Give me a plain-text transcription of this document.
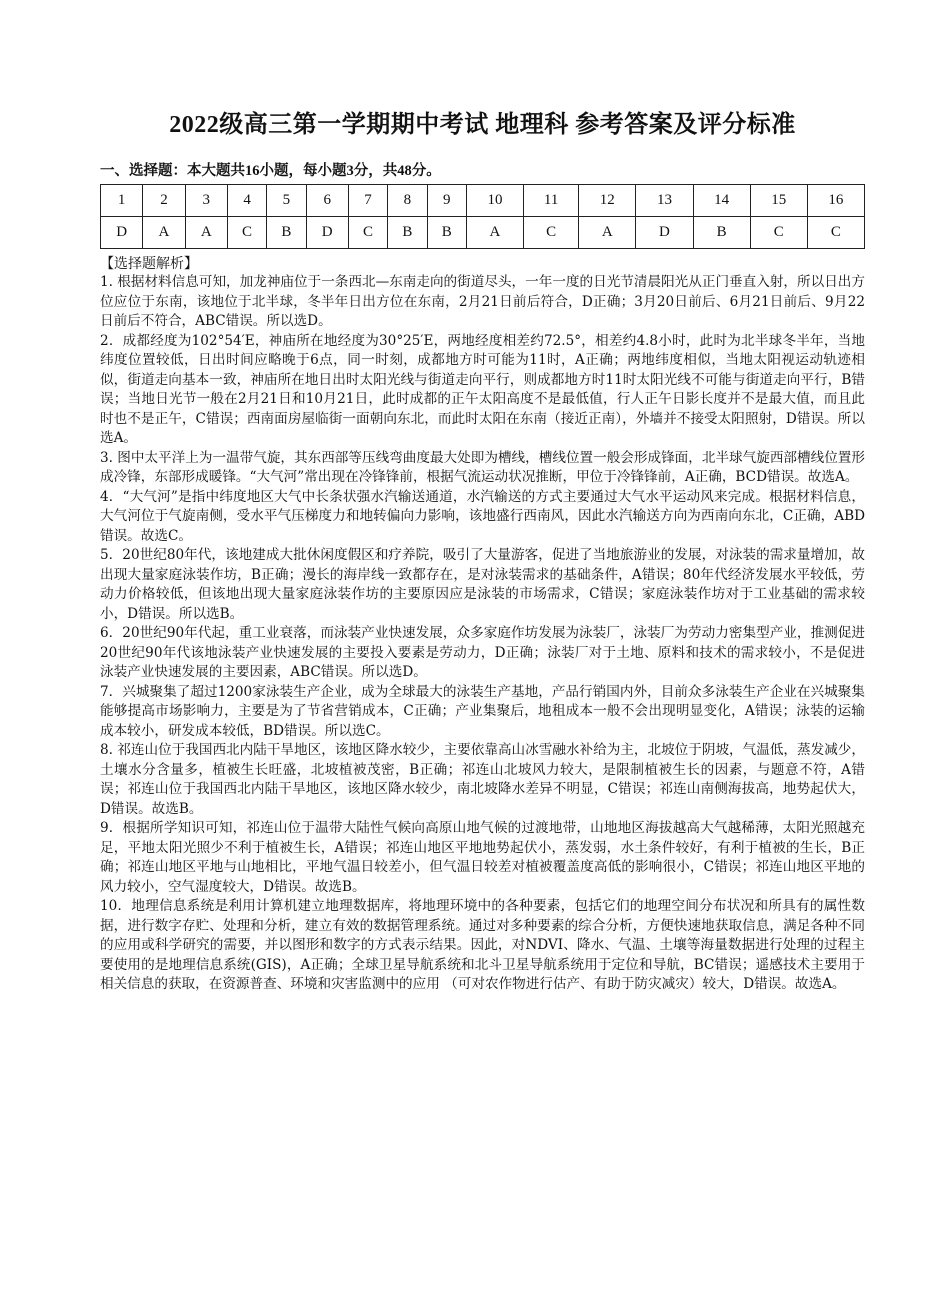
2022级高三第一学期期中考试 地理科 参考答案及评分标准
一、选择题：本大题共16小题，每小题3分，共48分。
1	2	3	4	5	6	7	8	9	10	11	12	13	14	15	16
D	A	A	C	B	D	C	B	B	A	C	A	D	B	C	C
【选择题解析】

1. 根据材料信息可知，加龙神庙位于一条西北—东南走向的街道尽头，一年一度的日光节清晨阳光从正门垂直入射，所以日出方位应位于东南，该地位于北半球，冬半年日出方位在东南，2月21日前后符合，D正确；3月20日前后、6月21日前后、9月22日前后不符合，ABC错误。所以选D。

2．成都经度为102°54′E，神庙所在地经度为30°25′E，两地经度相差约72.5°，相差约4.8小时，此时为北半球冬半年，当地纬度位置较低，日出时间应略晚于6点，同一时刻，成都地方时可能为11时，A正确；两地纬度相似，当地太阳视运动轨迹相似，街道走向基本一致，神庙所在地日出时太阳光线与街道走向平行，则成都地方时11时太阳光线不可能与街道走向平行，B错误；当地日光节一般在2月21日和10月21日，此时成都的正午太阳高度不是最低值，行人正午日影长度并不是最大值，而且此时也不是正午，C错误；西南面房屋临街一面朝向东北，而此时太阳在东南（接近正南），外墙并不接受太阳照射，D错误。所以选A。

3. 图中太平洋上为一温带气旋，其东西部等压线弯曲度最大处即为槽线，槽线位置一般会形成锋面，北半球气旋西部槽线位置形成冷锋，东部形成暖锋。“大气河”常出现在冷锋锋前，根据气流运动状况推断，甲位于冷锋锋前，A正确，BCD错误。故选A。

4．“大气河”是指中纬度地区大气中长条状强水汽输送通道，水汽输送的方式主要通过大气水平运动风来完成。根据材料信息，大气河位于气旋南侧，受水平气压梯度力和地转偏向力影响，该地盛行西南风，因此水汽输送方向为西南向东北，C正确，ABD错误。故选C。

5．20世纪80年代，该地建成大批休闲度假区和疗养院，吸引了大量游客，促进了当地旅游业的发展，对泳装的需求量增加，故出现大量家庭泳装作坊，B正确；漫长的海岸线一致都存在，是对泳装需求的基础条件，A错误；80年代经济发展水平较低，劳动力价格较低，但该地出现大量家庭泳装作坊的主要原因应是泳装的市场需求，C错误；家庭泳装作坊对于工业基础的需求较小，D错误。所以选B。

6．20世纪90年代起，重工业衰落，而泳装产业快速发展，众多家庭作坊发展为泳装厂，泳装厂为劳动力密集型产业，推测促进20世纪90年代该地泳装产业快速发展的主要投入要素是劳动力，D正确；泳装厂对于土地、原料和技术的需求较小，不是促进泳装产业快速发展的主要因素，ABC错误。所以选D。

7．兴城聚集了超过1200家泳装生产企业，成为全球最大的泳装生产基地，产品行销国内外，目前众多泳装生产企业在兴城聚集能够提高市场影响力，主要是为了节省营销成本，C正确；产业集聚后，地租成本一般不会出现明显变化，A错误；泳装的运输成本较小，研发成本较低，BD错误。所以选C。

8. 祁连山位于我国西北内陆干旱地区，该地区降水较少，主要依靠高山冰雪融水补给为主，北坡位于阴坡，气温低，蒸发减少，土壤水分含量多，植被生长旺盛，北坡植被茂密，B正确；祁连山北坡风力较大，是限制植被生长的因素，与题意不符，A错误；祁连山位于我国西北内陆干旱地区，该地区降水较少，南北坡降水差异不明显，C错误；祁连山南侧海拔高，地势起伏大，D错误。故选B。

9．根据所学知识可知，祁连山位于温带大陆性气候向高原山地气候的过渡地带，山地地区海拔越高大气越稀薄，太阳光照越充足，平地太阳光照少不利于植被生长，A错误；祁连山地区平地地势起伏小，蒸发弱，水土条件较好，有利于植被的生长，B正确；祁连山地区平地与山地相比，平地气温日较差小，但气温日较差对植被覆盖度高低的影响很小，C错误；祁连山地区平地的风力较小，空气湿度较大，D错误。故选B。

10．地理信息系统是利用计算机建立地理数据库，将地理环境中的各种要素，包括它们的地理空间分布状况和所具有的属性数据，进行数字存贮、处理和分析，建立有效的数据管理系统。通过对多种要素的综合分析，方便快速地获取信息，满足各种不同的应用或科学研究的需要，并以图形和数字的方式表示结果。因此，对NDVI、降水、气温、土壤等海量数据进行处理的过程主要使用的是地理信息系统(GIS)，A正确；全球卫星导航系统和北斗卫星导航系统用于定位和导航，BC错误；遥感技术主要用于相关信息的获取，在资源普查、环境和灾害监测中的应用 （可对农作物进行估产、有助于防灾减灾）较大，D错误。故选A。
